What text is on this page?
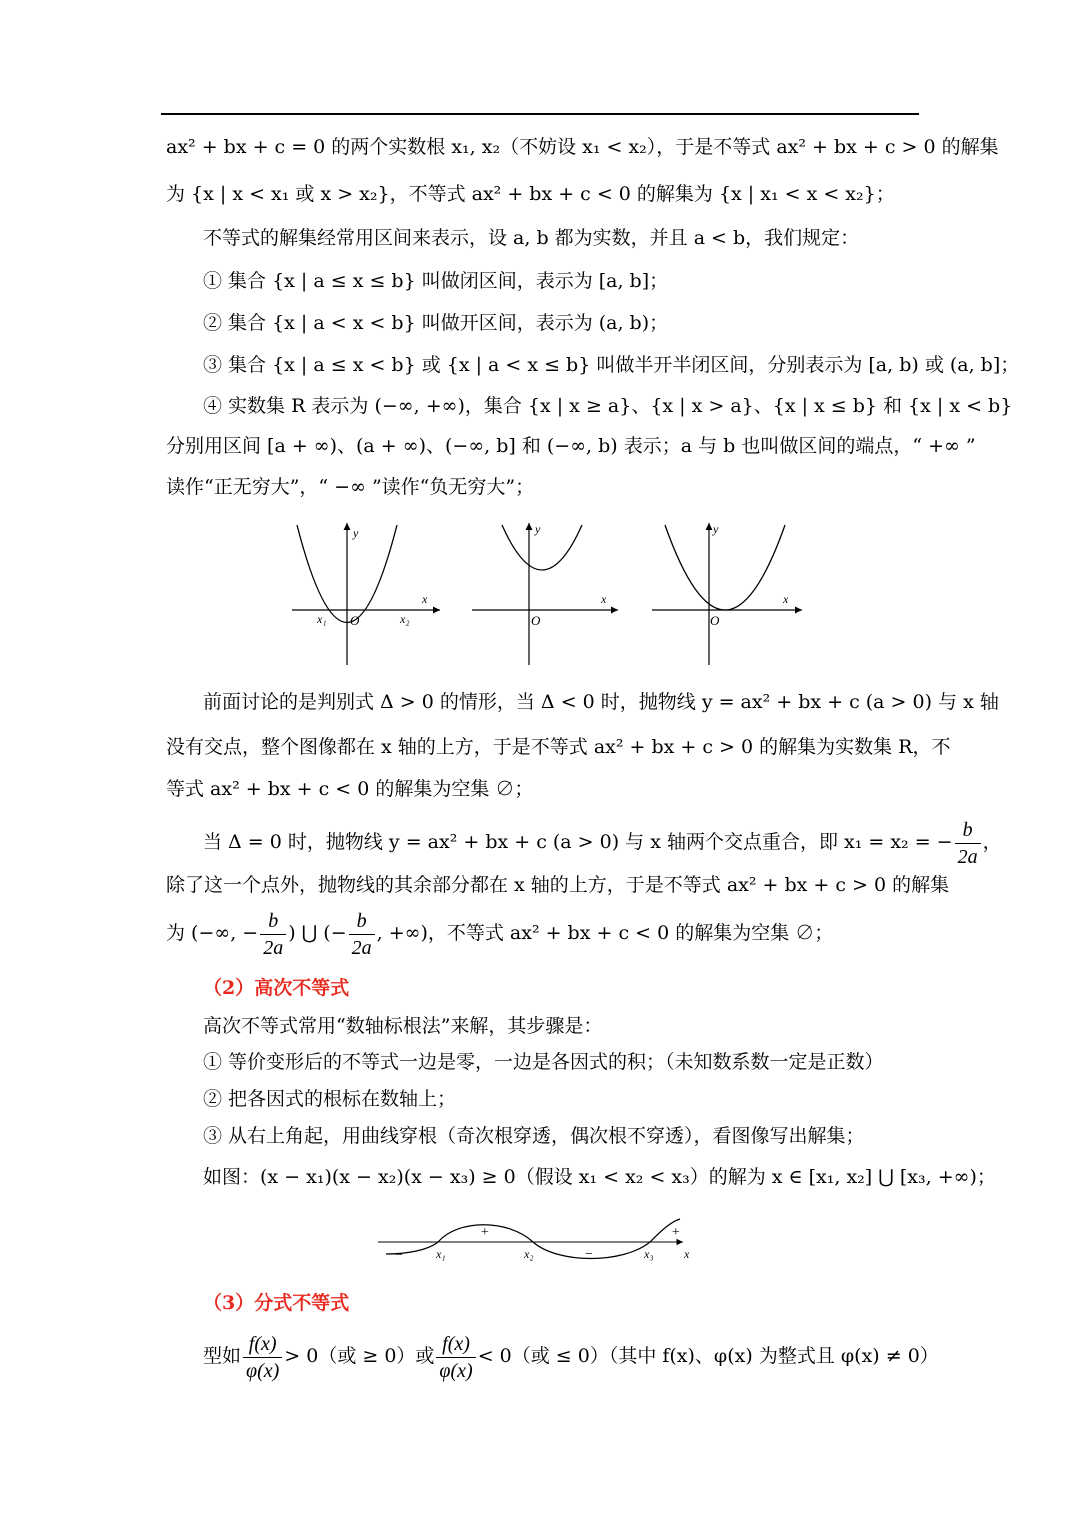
ax² + bx + c = 0 的两个实数根 x₁, x₂（不妨设 x₁ < x₂），于是不等式 ax² + bx + c > 0 的解集
为 {x | x < x₁ 或 x > x₂}，不等式 ax² + bx + c < 0 的解集为 {x | x₁ < x < x₂}；
不等式的解集经常用区间来表示，设 a, b 都为实数，并且 a < b，我们规定：
① 集合 {x | a ≤ x ≤ b} 叫做闭区间，表示为 [a, b]；
② 集合 {x | a < x < b} 叫做开区间，表示为 (a, b)；
③ 集合 {x | a ≤ x < b} 或 {x | a < x ≤ b} 叫做半开半闭区间，分别表示为 [a, b) 或 (a, b]；
④ 实数集 R 表示为 (−∞, +∞)，集合 {x | x ≥ a}、{x | x > a}、{x | x ≤ b} 和 {x | x < b}
分别用区间 [a + ∞)、(a + ∞)、(−∞, b] 和 (−∞, b) 表示；a 与 b 也叫做区间的端点，“ +∞ ”
读作“正无穷大”，“ −∞ ”读作“负无穷大”；
y
x
O
x₁	x₂
y
x
O
y
x
O
前面讨论的是判别式 Δ > 0 的情形，当 Δ < 0 时，抛物线 y = ax² + bx + c (a > 0) 与 x 轴
没有交点，整个图像都在 x 轴的上方，于是不等式 ax² + bx + c > 0 的解集为实数集 R，不
等式 ax² + bx + c < 0 的解集为空集 ∅；
当 Δ = 0 时，抛物线 y = ax² + bx + c (a > 0) 与 x 轴两个交点重合，即 x₁ = x₂ = − $\frac{b}{2a}$ ，
除了这一个点外，抛物线的其余部分都在 x 轴的上方，于是不等式 ax² + bx + c > 0 的解集
为 (−∞, − $\frac{b}{2a}$ ) ⋃ (− $\frac{b}{2a}$ , +∞)，不等式 ax² + bx + c < 0 的解集为空集 ∅；
（2）高次不等式
高次不等式常用“数轴标根法”来解，其步骤是：
① 等价变形后的不等式一边是零，一边是各因式的积；（未知数系数一定是正数）
② 把各因式的根标在数轴上；
③ 从右上角起，用曲线穿根（奇次根穿透，偶次根不穿透），看图像写出解集；
如图：(x − x₁)(x − x₂)(x − x₃) ≥ 0（假设 x₁ < x₂ < x₃）的解为 x ∈ [x₁, x₂] ⋃ [x₃, +∞)；
−
+
−
+
x₁	x₂	x₃	x
（3）分式不等式
型如 $\frac{f(x)}{\varphi(x)} > 0$（或 ≥ 0）或 $\frac{f(x)}{\varphi(x)} < 0$（或 ≤ 0）（其中 f(x)、φ(x) 为整式且 φ(x) ≠ 0）
